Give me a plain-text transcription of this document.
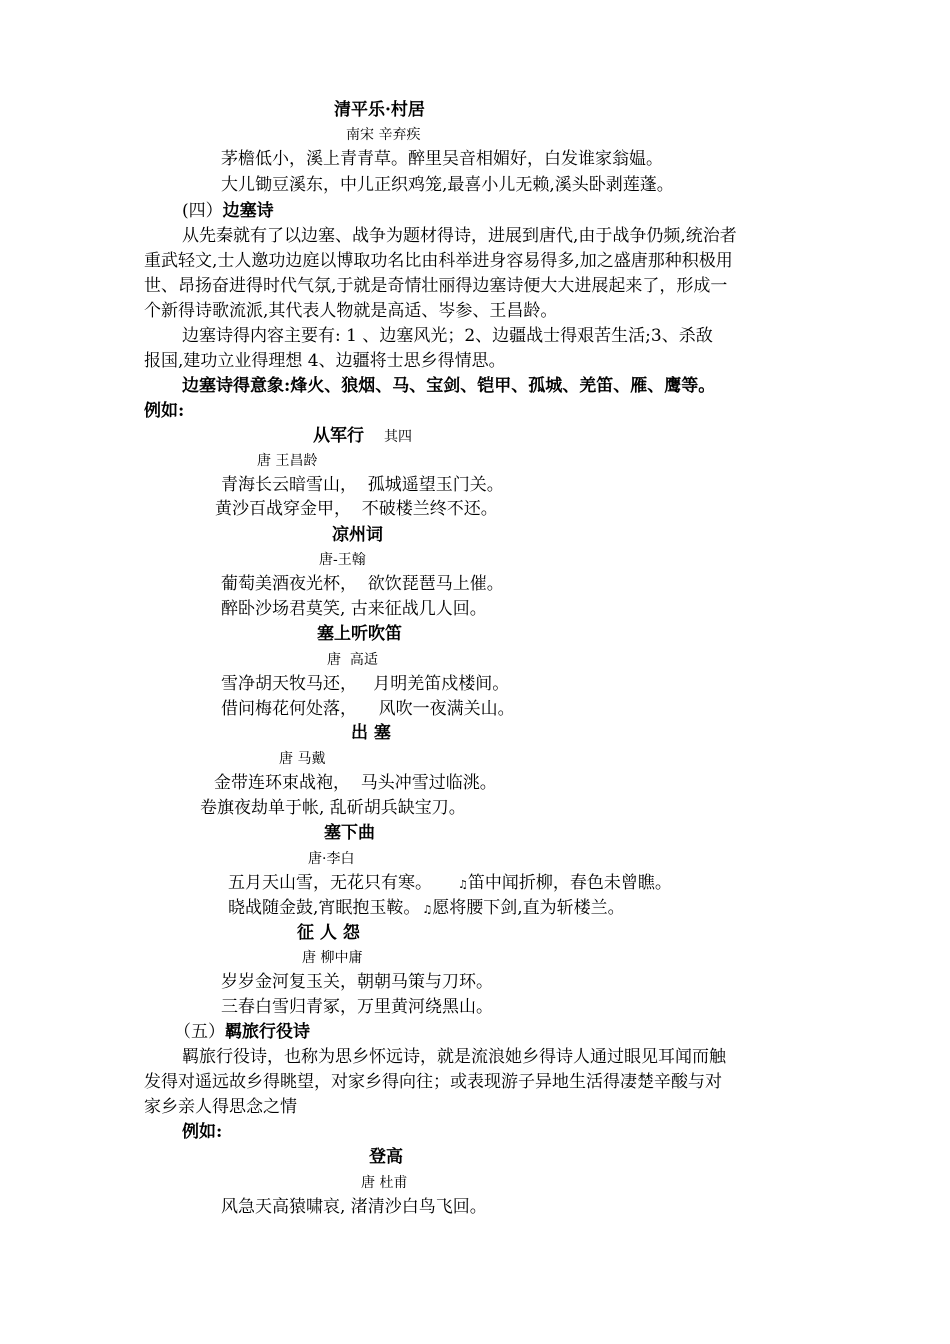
清平乐·村居
南宋 辛弃疾
茅檐低小，溪上青青草。醉里吴音相媚好，白发谁家翁媪。
大儿锄豆溪东，中儿正织鸡笼,最喜小儿无赖,溪头卧剥莲蓬。
(四）边塞诗
从先秦就有了以边塞、战争为题材得诗，进展到唐代,由于战争仍频,统治者
重武轻文,士人邀功边庭以博取功名比由科举进身容易得多,加之盛唐那种积极用
世、昂扬奋进得时代气氛,于就是奇情壮丽得边塞诗便大大进展起来了，形成一
个新得诗歌流派,其代表人物就是高适、岑参、王昌龄。
边塞诗得内容主要有: 1 、边塞风光；2、边疆战士得艰苦生活;3、杀敌
报国,建功立业得理想 4、边疆将士思乡得情思。
边塞诗得意象:烽火、狼烟、马、宝剑、铠甲、孤城、羌笛、雁、鹰等。
例如:
从军行 其四
唐 王昌龄
青海长云暗雪山，  孤城遥望玉门关。
黄沙百战穿金甲，  不破楼兰终不还。
凉州词
唐-王翰
葡萄美酒夜光杯，  欲饮琵琶马上催。
醉卧沙场君莫笑, 古来征战几人回。
塞上听吹笛
唐  高适
雪净胡天牧马还，   月明羌笛戍楼间。
借问梅花何处落，    风吹一夜满关山。
出 塞
唐 马戴
金带连环束战袍，  马头冲雪过临洮。
卷旗夜劫单于帐, 乱斫胡兵缺宝刀。
塞下曲
唐·李白
五月天山雪，无花只有寒。 ♫笛中闻折柳，春色未曾瞧。
晓战随金鼓,宵眠抱玉鞍。 ♫愿将腰下剑,直为斩楼兰。
征 人 怨
唐 柳中庸
岁岁金河复玉关，朝朝马策与刀环。
三春白雪归青冢，万里黄河绕黑山。
（五）羁旅行役诗
羁旅行役诗，也称为思乡怀远诗，就是流浪她乡得诗人通过眼见耳闻而触
发得对遥远故乡得眺望，对家乡得向往；或表现游子异地生活得凄楚辛酸与对
家乡亲人得思念之情
例如:
登高
唐 杜甫
风急天高猿啸哀, 渚清沙白鸟飞回。
